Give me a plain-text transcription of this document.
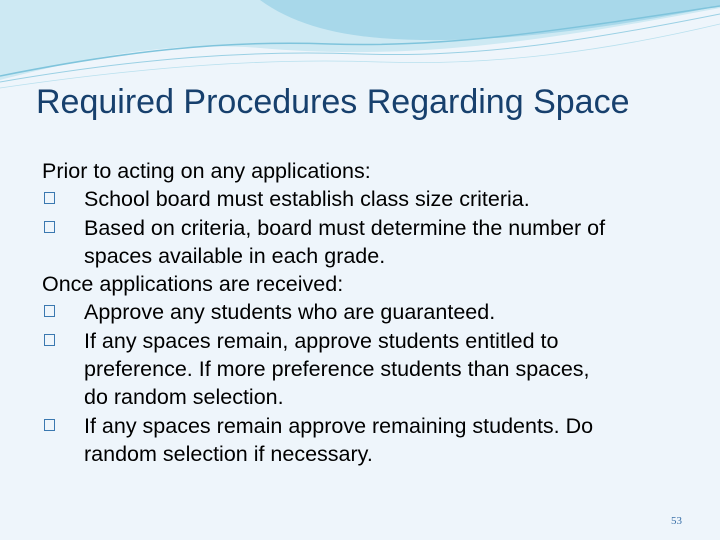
Required Procedures Regarding Space
Prior to acting on any applications:
School board must establish class size criteria.
Based on criteria, board must determine the number of
spaces available in each grade.
Once applications are received:
Approve any students who are guaranteed.
If any spaces remain, approve students entitled to
preference. If more preference students than spaces,
do random selection.
If any spaces remain approve remaining students. Do
random selection if necessary.
53
